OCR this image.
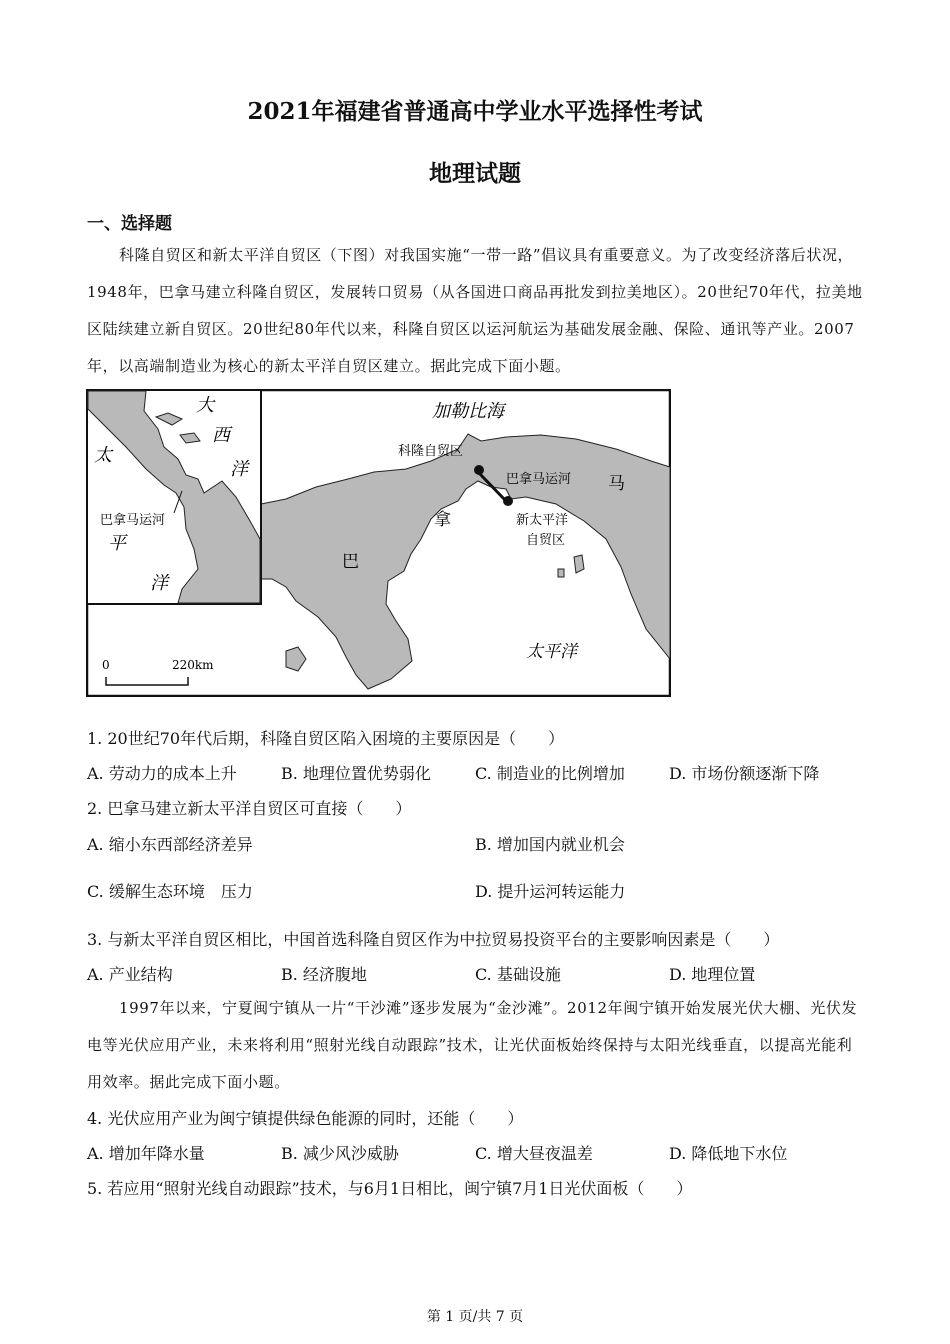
2021年福建省普通高中学业水平选择性考试
地理试题
一、选择题
科隆自贸区和新太平洋自贸区（下图）对我国实施“一带一路”倡议具有重要意义。为了改变经济落后状况，1948年，巴拿马建立科隆自贸区，发展转口贸易（从各国进口商品再批发到拉美地区）。20世纪70年代，拉美地区陆续建立新自贸区。20世纪80年代以来，科隆自贸区以运河航运为基础发展金融、保险、通讯等产业。2007年，以高端制造业为核心的新太平洋自贸区建立。据此完成下面小题。
大
西
洋
太
巴拿马运河
平
洋
加勒比海
科隆自贸区
巴拿马运河
新太平洋
自贸区
巴
拿
马
太平洋
0	220km
1. 20世纪70年代后期，科隆自贸区陷入困境的主要原因是（　　）
A. 劳动力的成本上升	B. 地理位置优势弱化	C. 制造业的比例增加	D. 市场份额逐渐下降
2. 巴拿马建立新太平洋自贸区可直接（　　）
A. 缩小东西部经济差异	B. 增加国内就业机会
C. 缓解生态环境　压力	D. 提升运河转运能力
3. 与新太平洋自贸区相比，中国首选科隆自贸区作为中拉贸易投资平台的主要影响因素是（　　）
A. 产业结构	B. 经济腹地	C. 基础设施	D. 地理位置
1997年以来，宁夏闽宁镇从一片“干沙滩”逐步发展为“金沙滩”。2012年闽宁镇开始发展光伏大棚、光伏发电等光伏应用产业，未来将利用“照射光线自动跟踪”技术，让光伏面板始终保持与太阳光线垂直，以提高光能利用效率。据此完成下面小题。
4. 光伏应用产业为闽宁镇提供绿色能源的同时，还能（　　）
A. 增加年降水量	B. 减少风沙威胁	C. 增大昼夜温差	D. 降低地下水位
5. 若应用“照射光线自动跟踪”技术，与6月1日相比，闽宁镇7月1日光伏面板（　　）
第 1 页/共 7 页
